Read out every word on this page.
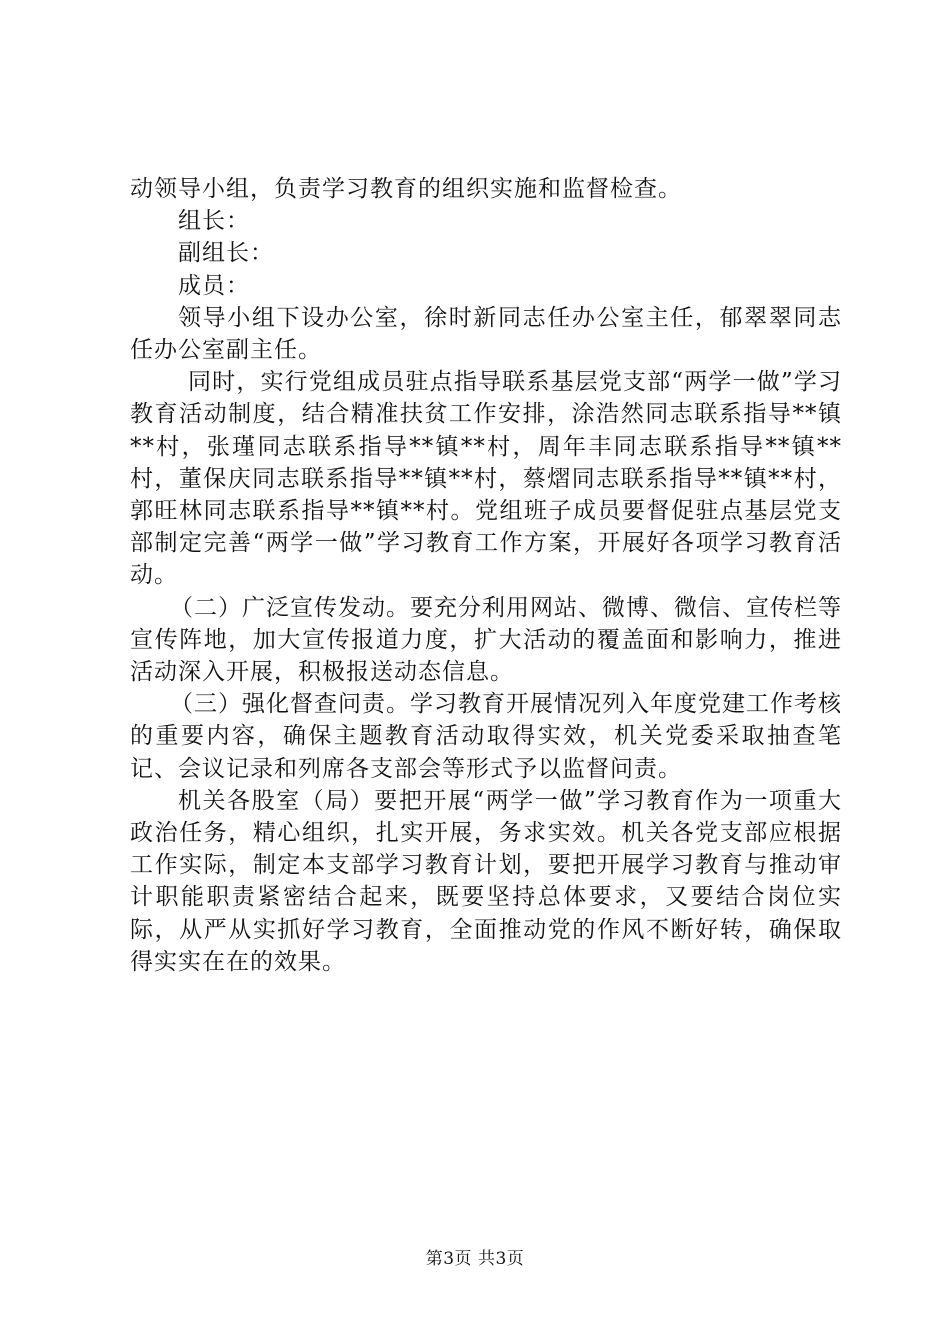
动领导小组，负责学习教育的组织实施和监督检查。

组长：

副组长：

成员：

领导小组下设办公室，徐时新同志任办公室主任，郁翠翠同志任办公室副主任。

同时，实行党组成员驻点指导联系基层党支部“两学一做”学习教育活动制度，结合精准扶贫工作安排，涂浩然同志联系指导**镇**村，张瑾同志联系指导**镇**村，周年丰同志联系指导**镇**村，董保庆同志联系指导**镇**村，蔡熠同志联系指导**镇**村，郭旺林同志联系指导**镇**村。党组班子成员要督促驻点基层党支部制定完善“两学一做”学习教育工作方案，开展好各项学习教育活动。

（二）广泛宣传发动。要充分利用网站、微博、微信、宣传栏等宣传阵地，加大宣传报道力度，扩大活动的覆盖面和影响力，推进活动深入开展，积极报送动态信息。

（三）强化督查问责。学习教育开展情况列入年度党建工作考核的重要内容，确保主题教育活动取得实效，机关党委采取抽查笔记、会议记录和列席各支部会等形式予以监督问责。

机关各股室（局）要把开展“两学一做”学习教育作为一项重大政治任务，精心组织，扎实开展，务求实效。机关各党支部应根据工作实际，制定本支部学习教育计划，要把开展学习教育与推动审计职能职责紧密结合起来，既要坚持总体要求，又要结合岗位实际，从严从实抓好学习教育，全面推动党的作风不断好转，确保取得实实在在的效果。

第3页 共3页
